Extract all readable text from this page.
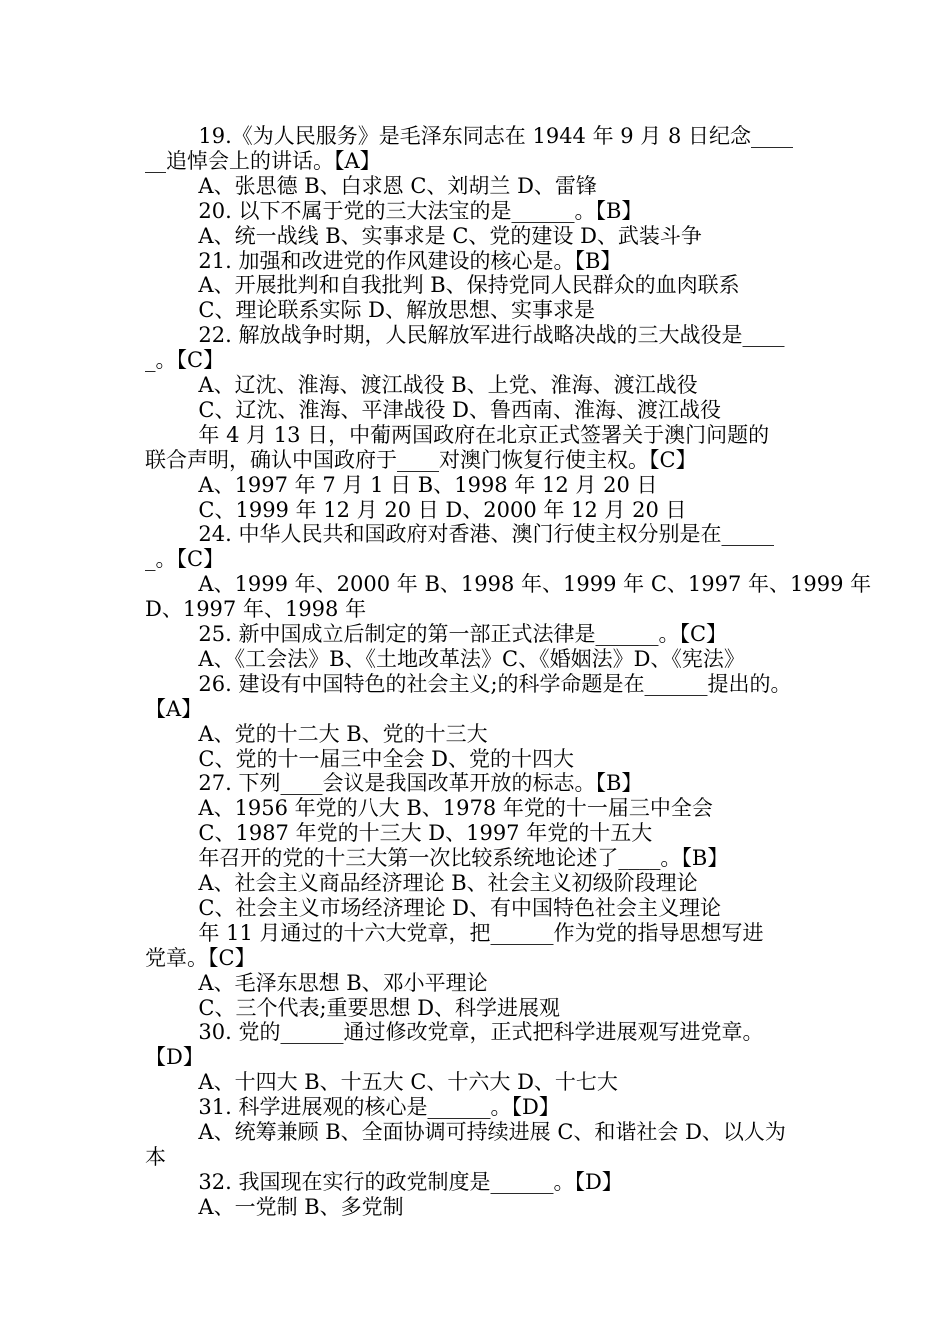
19.《为人民服务》是毛泽东同志在 1944 年 9 月 8 日纪念____

__追悼会上的讲话。【A】

A、张思德 B、白求恩 C、刘胡兰 D、雷锋

20. 以下不属于党的三大法宝的是______。【B】

A、统一战线 B、实事求是 C、党的建设 D、武装斗争

21. 加强和改进党的作风建设的核心是。【B】

A、开展批判和自我批判 B、保持党同人民群众的血肉联系

C、理论联系实际 D、解放思想、实事求是

22. 解放战争时期，人民解放军进行战略决战的三大战役是____

_。【C】

A、辽沈、淮海、渡江战役 B、上党、淮海、渡江战役

C、辽沈、淮海、平津战役 D、鲁西南、淮海、渡江战役

年 4 月 13 日，中葡两国政府在北京正式签署关于澳门问题的

联合声明，确认中国政府于____对澳门恢复行使主权。【C】

A、1997 年 7 月 1 日 B、1998 年 12 月 20 日

C、1999 年 12 月 20 日 D、2000 年 12 月 20 日

24. 中华人民共和国政府对香港、澳门行使主权分别是在_____

_。【C】

A、1999 年、2000 年 B、1998 年、1999 年 C、1997 年、1999 年

D、1997 年、1998 年

25. 新中国成立后制定的第一部正式法律是______。【C】

A、《工会法》B、《土地改革法》C、《婚姻法》D、《宪法》

26. 建设有中国特色的社会主义;的科学命题是在______提出的。

【A】

A、党的十二大 B、党的十三大

C、党的十一届三中全会 D、党的十四大

27. 下列____会议是我国改革开放的标志。【B】

A、1956 年党的八大 B、1978 年党的十一届三中全会

C、1987 年党的十三大 D、1997 年党的十五大

年召开的党的十三大第一次比较系统地论述了____。【B】

A、社会主义商品经济理论 B、社会主义初级阶段理论

C、社会主义市场经济理论 D、有中国特色社会主义理论

年 11 月通过的十六大党章，把______作为党的指导思想写进

党章。【C】

A、毛泽东思想 B、邓小平理论

C、三个代表;重要思想 D、科学进展观

30. 党的______通过修改党章，正式把科学进展观写进党章。

【D】

A、十四大 B、十五大 C、十六大 D、十七大

31. 科学进展观的核心是______。【D】

A、统筹兼顾 B、全面协调可持续进展 C、和谐社会 D、以人为

本

32. 我国现在实行的政党制度是______。【D】

A、一党制 B、多党制
